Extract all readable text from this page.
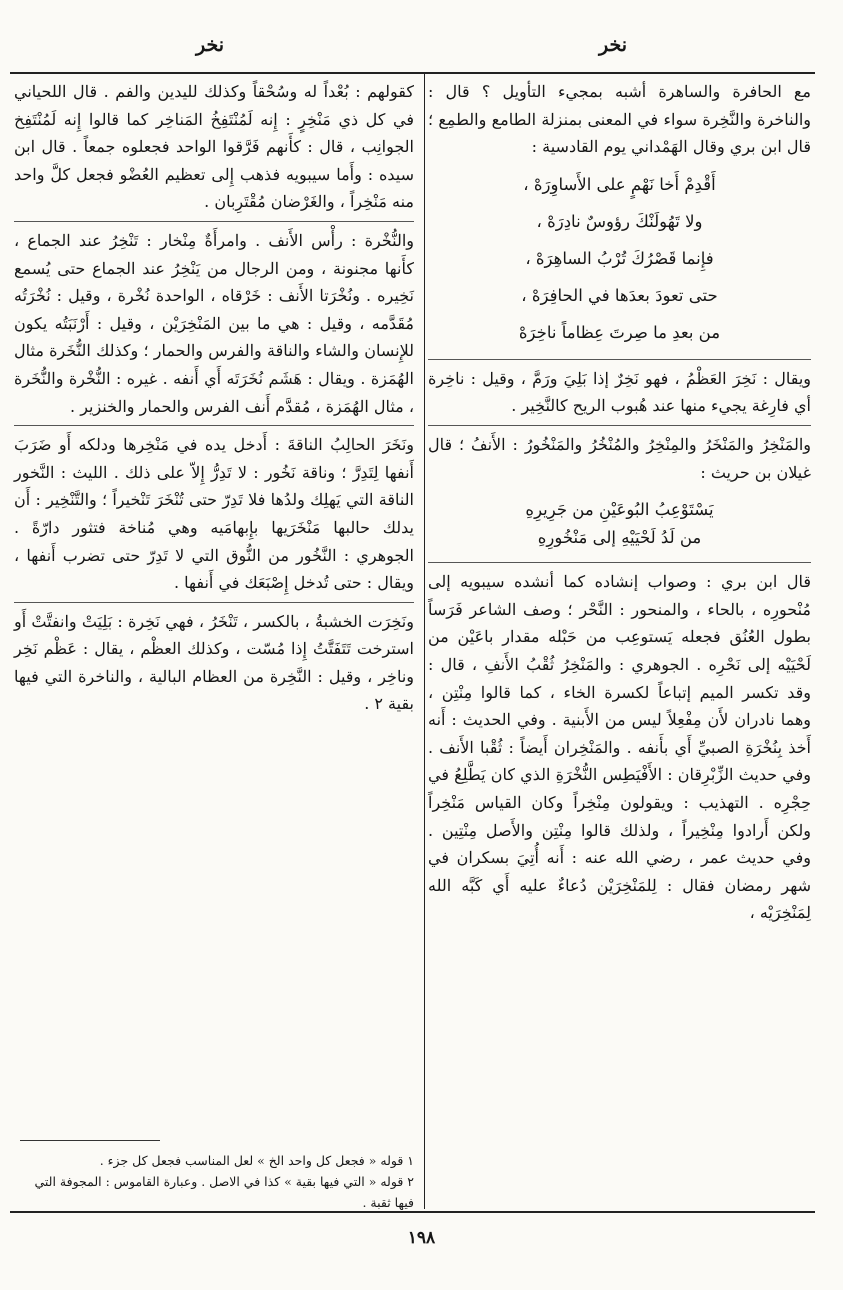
نخر
نخر

مع الحافرة والساهرة أشبه بمجيء التأويل ؟ قال : والناخرة والنَّخِرة سواء في المعنى بمنزلة الطامع والطمِع ؛ قال ابن بري وقال الهَمْداني يوم القادسية :

أَقْدِمْ أَخا نَهْمٍ على الأَساوِرَهْ ،
ولا تَهُولَنْكَ رؤوسٌ نادِرَهْ ،
فإِنما قَصْرُكَ تُرْبُ الساهِرَهْ ،
حتى تعودَ بعدَها في الحافِرَهْ ،
من بعدِ ما صِرتَ عِظاماً ناخِرَهْ

ويقال : نَخِرَ العَظْمُ ، فهو نَخِرٌ إذا بَلِيَ ورَمَّ ، وقيل : ناخِرة أي فارِغة يجيء منها عند هُبوب الريح كالنَّخِير .

والمَنْخِرُ والمَنْخَرُ والمِنْخِرُ والمُنْخُرُ والمَنْخُورُ : الأَنفُ ؛ قال غيلان بن حريث :

يَسْتَوْعِبُ البُوعَيْنِ من جَرِيرِهِ
من لَدُ لَحْيَيْهِ إلى مَنْخُورِهِ

قال ابن بري : وصواب إنشاده كما أنشده سيبويه إلى مُنْحورِه ، بالحاء ، والمنحور : النَّحْر ؛ وصف الشاعر فَرَساً بطول العُنُق فجعله يَستوعِب من حَبْله مقدار باعَيْن من لَحْيَيْه إلى نَحْرِه . الجوهري : والمَنْخِرُ ثُقْبُ الأَنفِ ، قال : وقد تكسر الميم إتباعاً لكسرة الخاء ، كما قالوا مِنْتِن ، وهما نادران لأَن مِفْعِلاً ليس من الأَبنية . وفي الحديث : أَنه أَخذ بِنُخْرَةِ الصبيِّ أَي بأَنفه . والمَنْخِران أَيضاً : ثُقْبا الأَنف . وفي حديث الزِّبْرِقان : الأَفْيَطِس النُّخْرَةِ الذي كان يَطَّلِعُ في حِجْرِه . التهذيب : ويقولون مِنْخِراً وكان القياس مَنْخِراً ولكن أَرادوا مِنْخِيراً ، ولذلك قالوا مِنْتِن والأَصل مِنْتِين . وفي حديث عمر ، رضي الله عنه : أَنه أُتِيَ بسكران في شهر رمضان فقال : لِلمَنْخِرَيْن دُعاءٌ عليه أَي كَبَّه الله لِمَنْخِرَيْه ،

كقولهم : بُعْداً له وسُحْقاً وكذلك لليدين والفم . قال اللحياني في كل ذي مَنْخِرٍ : إِنه لَمُنْتَفِخُ المَناخِر كما قالوا إِنه لَمُنْتَفِخ الجوانِب ، قال : كأَنهم فَرَّقوا الواحد فجعلوه جمعاً . قال ابن سيده : وأَما سيبويه فذهب إِلى تعظيم العُضْو فجعل كلَّ واحد منه مَنْخِراً ، والغَرْضان مُقْتَرِبان .

والنُّخْرة : رأْس الأَنف . وامرأَةٌ مِنْخار : تَنْخِرُ عند الجماع ، كأَنها مجنونة ، ومن الرجال من يَنْخِرُ عند الجماع حتى يُسمع نَخِيره . ونُخْرَتا الأَنف : خَرْقاه ، الواحدة نُخْرة ، وقيل : نُخْرَتُه مُقَدَّمه ، وقيل : هي ما بين المَنْخِرَيْن ، وقيل : أَرْنَبَتُه يكون للإِنسان والشاء والناقة والفرس والحمار ؛ وكذلك النُّخَرة مثال الهُمَزة . ويقال : هَشَم نُخَرَتَه أَي أَنفه . غيره : النُّخْرة والنُّخَرة ، مثال الهُمَزة ، مُقدَّم أَنف الفرس والحمار والخنزير .

ونَخَرَ الحالِبُ الناقةَ : أَدخل يده في مَنْخِرها ودلكه أَو ضَرَبَ أَنفها لِتَدِرَّ ؛ وناقة نَخُور : لا تَدِرُّ إِلاّ على ذلك . الليث : النَّخور الناقة التي يَهلِك ولدُها فلا تَدِرّ حتى تُنْخَرَ تَنْخيراً ؛ والتَّنْخِير : أَن يدلك حالبها مَنْخَرَيها بإِبهامَيه وهي مُناخة فتثور دارّةً . الجوهري : النَّخُور من النُّوق التي لا تَدِرّ حتى تضرب أَنفها ، ويقال : حتى تُدخل إِصْبَعَك في أَنفها .

ونَخِرَت الخشبةُ ، بالكسر ، تَنْخَرُ ، فهي نَخِرة : بَلِيَتْ وانفتَّتْ أَو استرخت تَتَفَتَّتُ إِذا مُسّت ، وكذلك العظْم ، يقال : عَظْم نَخِر وناخِر ، وقيل : النَّخِرة من العظام البالية ، والناخرة التي فيها بقية ٢ .

١ قوله « فجعل كل واحد الخ » لعل المناسب فجعل كل جزء .
٢ قوله « التي فيها بقية » كذا في الاصل . وعبارة القاموس : المجوفة التي فيها ثقبة .
١٩٨
